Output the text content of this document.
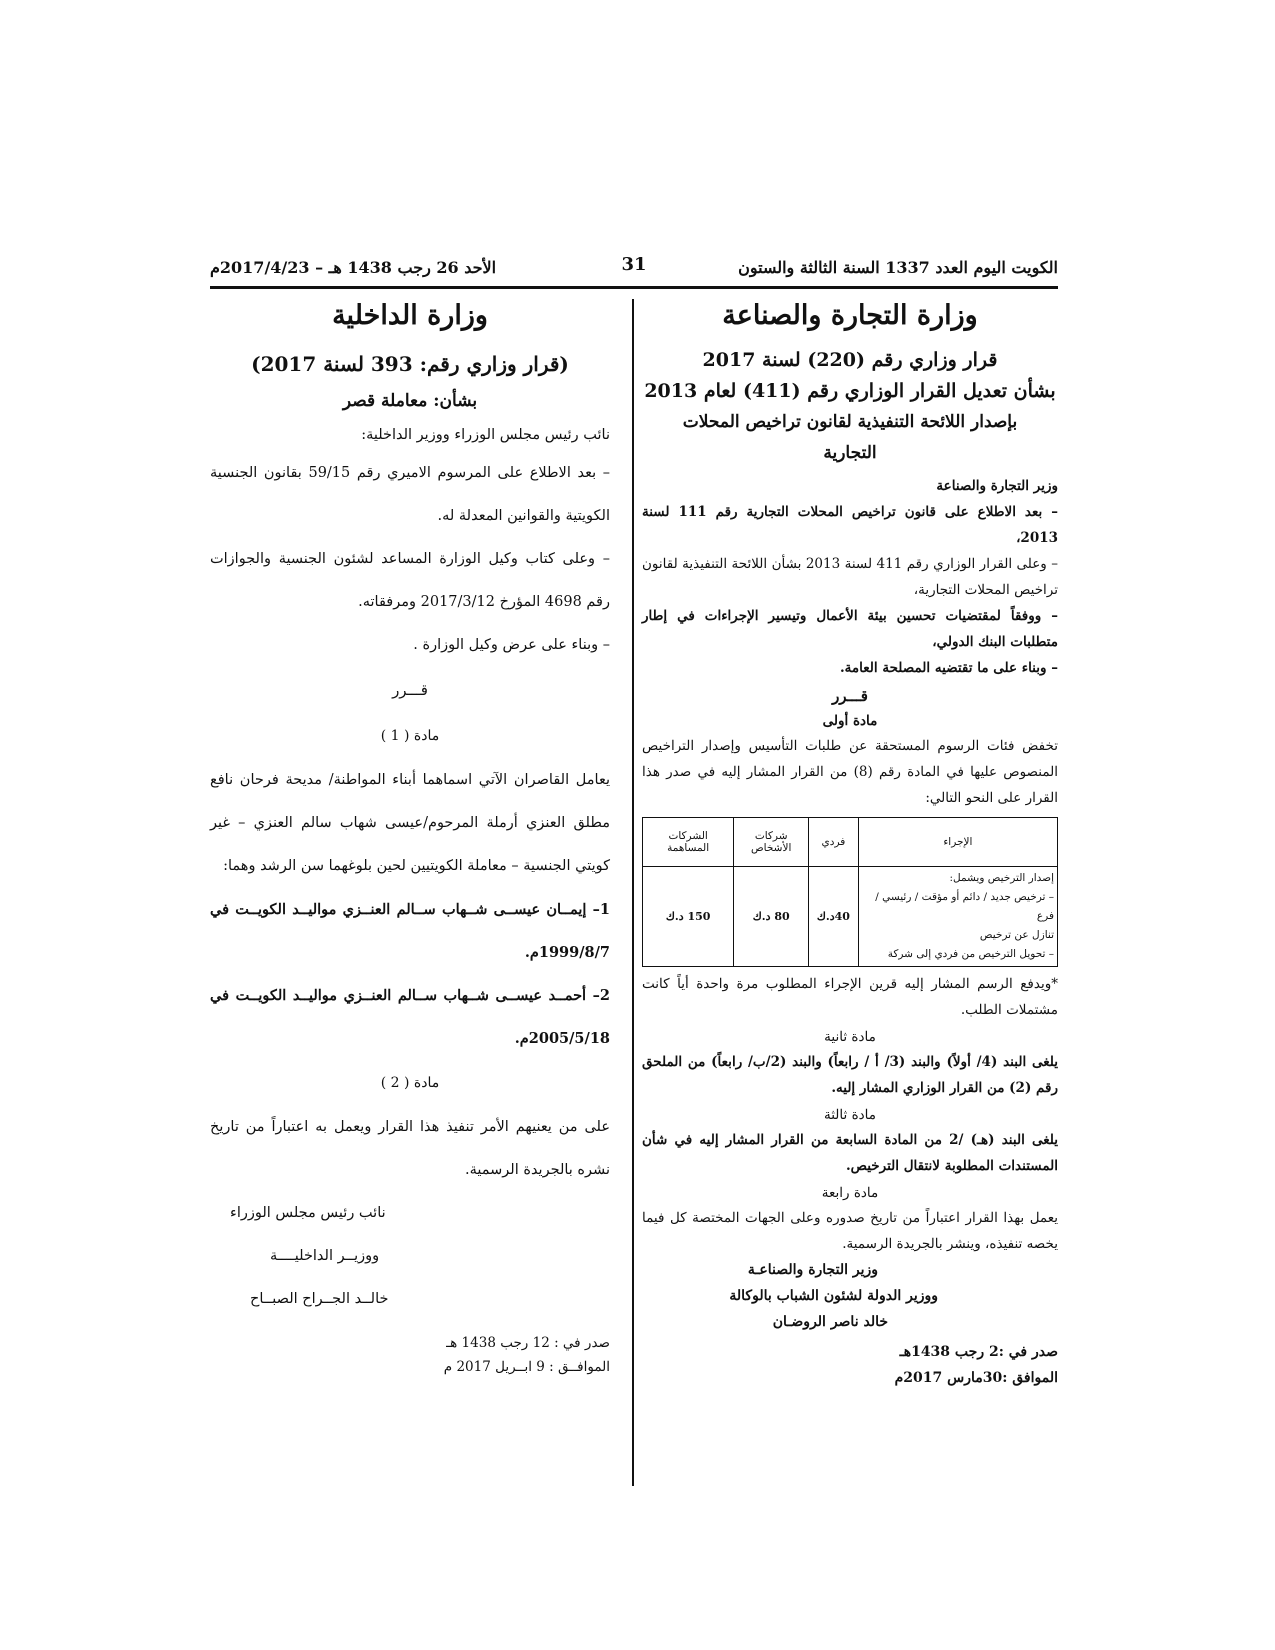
الكويت اليوم العدد 1337 السنة الثالثة والستون
31
الأحد 26 رجب 1438 هـ – 2017/4/23م
وزارة التجارة والصناعة
قرار وزاري رقم (220) لسنة 2017
بشأن تعديل القرار الوزاري رقم (411) لعام 2013
بإصدار اللائحة التنفيذية لقانون تراخيص المحلات
التجارية

وزير التجارة والصناعة

– بعد الاطلاع على قانون تراخيص المحلات التجارية رقم 111 لسنة 2013،

– وعلى القرار الوزاري رقم 411 لسنة 2013 بشأن اللائحة التنفيذية لقانون تراخيص المحلات التجارية،

– ووفقاً لمقتضيات تحسين بيئة الأعمال وتيسير الإجراءات في إطار متطلبات البنك الدولي،

– وبناء على ما تقتضيه المصلحة العامة.

قـــرر
مادة أولى

تخفض فئات الرسوم المستحقة عن طلبات التأسيس وإصدار التراخيص المنصوص عليها في المادة رقم (8) من القرار المشار إليه في صدر هذا القرار على النحو التالي:

الإجراء	فردي	شركات الأشخاص	الشركات المساهمة

إصدار الترخيص ويشمل:
– ترخيص جديد / دائم أو مؤقت / رئيسي / فرع
تنازل عن ترخيص
– تحويل الترخيص من فردي إلى شركة	40د.ك	80 د.ك	150 د.ك

*ويدفع الرسم المشار إليه قرين الإجراء المطلوب مرة واحدة أياً كانت مشتملات الطلب.

مادة ثانية

يلغى البند (4/ أولاً) والبند (3/ أ / رابعاً) والبند (2/ب/ رابعاً) من الملحق رقم (2) من القرار الوزاري المشار إليه.

مادة ثالثة

يلغى البند (هـ) /2 من المادة السابعة من القرار المشار إليه في شأن المستندات المطلوبة لانتقال الترخيص.

مادة رابعة

يعمل بهذا القرار اعتباراً من تاريخ صدوره وعلى الجهات المختصة كل فيما يخصه تنفيذه، وينشر بالجريدة الرسمية.

وزير التجارة والصناعـة
ووزير الدولة لشئون الشباب بالوكالة
خالد ناصر الروضـان
صدر في :2 رجب 1438هـ
الموافق :30مارس 2017م
وزارة الداخلية
(قرار وزاري رقم: 393 لسنة 2017)
بشأن: معاملة قصر

نائب رئيس مجلس الوزراء ووزير الداخلية:

– بعد الاطلاع على المرسوم الاميري رقم 59/15 بقانون الجنسية الكويتية والقوانين المعدلة له.

– وعلى كتاب وكيل الوزارة المساعد لشئون الجنسية والجوازات رقم 4698 المؤرخ 2017/3/12 ومرفقاته.

– وبناء على عرض وكيل الوزارة .

قـــرر
مادة ( 1 )

يعامل القاصران الآتي اسماهما أبناء المواطنة/ مديحة فرحان نافع مطلق العنزي أرملة المرحوم/عيسى شهاب سالم العنزي – غير كويتي الجنسية – معاملة الكويتيين لحين بلوغهما سن الرشد وهما:

1– إيمــان عيســى شــهاب ســالم العنــزي مواليــد الكويــت في 1999/8/7م.

2– أحمــد عيســى شــهاب ســالم العنــزي مواليــد الكويــت في 2005/5/18م.

مادة ( 2 )

على من يعنيهم الأمر تنفيذ هذا القرار ويعمل به اعتباراً من تاريخ نشره بالجريدة الرسمية.

نائب رئيس مجلس الوزراء
ووزيــر الداخليــــة
خالــد الجــراح الصبــاح
صدر في : 12 رجب 1438 هـ
الموافــق : 9 ابــريل 2017 م
